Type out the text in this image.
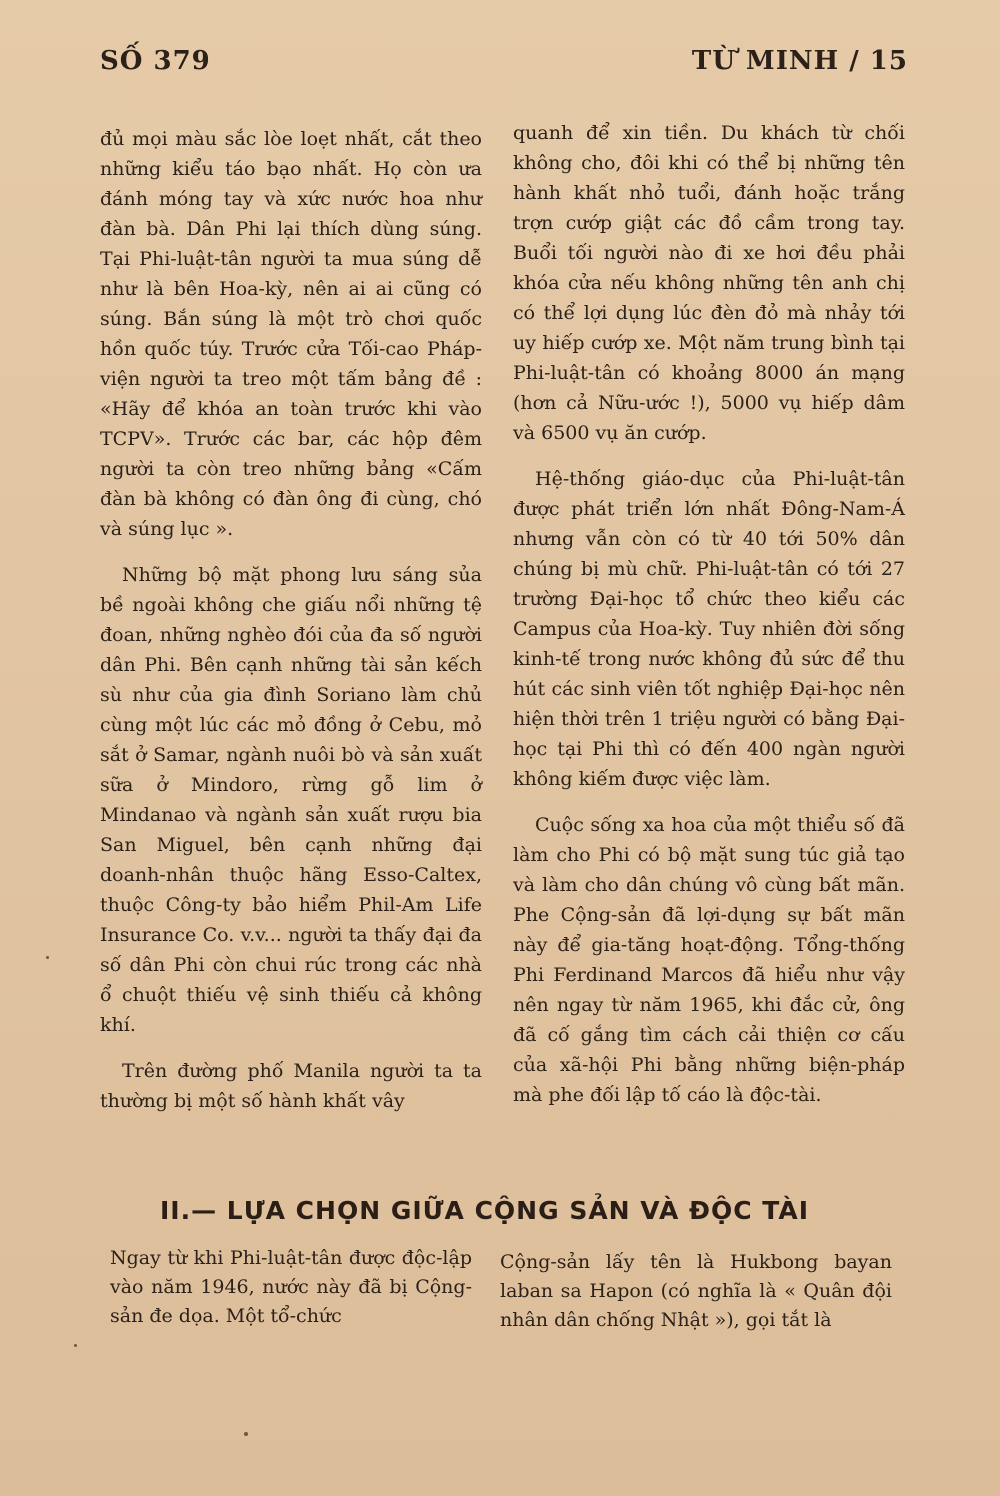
SỐ 379	TỪ MINH / 15

đủ mọi màu sắc lòe loẹt nhất, cắt theo những kiểu táo bạo nhất. Họ còn ưa đánh móng tay và xức nước hoa như đàn bà. Dân Phi lại thích dùng súng. Tại Phi-luật-tân người ta mua súng dễ như là bên Hoa-kỳ, nên ai ai cũng có súng. Bắn súng là một trò chơi quốc hồn quốc túy. Trước cửa Tối-cao Pháp-viện người ta treo một tấm bảng đề : «Hãy để khóa an toàn trước khi vào TCPV». Trước các bar, các hộp đêm người ta còn treo những bảng «Cấm đàn bà không có đàn ông đi cùng, chó và súng lục ».

Những bộ mặt phong lưu sáng sủa bề ngoài không che giấu nổi những tệ đoan, những nghèo đói của đa số người dân Phi. Bên cạnh những tài sản kếch sù như của gia đình Soriano làm chủ cùng một lúc các mỏ đồng ở Cebu, mỏ sắt ở Samar, ngành nuôi bò và sản xuất sữa ở Mindoro, rừng gỗ lim ở Mindanao và ngành sản xuất rượu bia San Miguel, bên cạnh những đại doanh-nhân thuộc hãng Esso-Caltex, thuộc Công-ty bảo hiểm Phil-Am Life Insurance Co. v.v... người ta thấy đại đa số dân Phi còn chui rúc trong các nhà ổ chuột thiếu vệ sinh thiếu cả không khí.

Trên đường phố Manila người ta ta thường bị một số hành khất vây

quanh để xin tiền. Du khách từ chối không cho, đôi khi có thể bị những tên hành khất nhỏ tuổi, đánh hoặc trắng trợn cướp giật các đồ cầm trong tay. Buổi tối người nào đi xe hơi đều phải khóa cửa nếu không những tên anh chị có thể lợi dụng lúc đèn đỏ mà nhảy tới uy hiếp cướp xe. Một năm trung bình tại Phi-luật-tân có khoảng 8000 án mạng (hơn cả Nữu-ước !), 5000 vụ hiếp dâm và 6500 vụ ăn cướp.

Hệ-thống giáo-dục của Phi-luật-tân được phát triển lớn nhất Đông-Nam-Á nhưng vẫn còn có từ 40 tới 50% dân chúng bị mù chữ. Phi-luật-tân có tới 27 trường Đại-học tổ chức theo kiểu các Campus của Hoa-kỳ. Tuy nhiên đời sống kinh-tế trong nước không đủ sức để thu hút các sinh viên tốt nghiệp Đại-học nên hiện thời trên 1 triệu người có bằng Đại-học tại Phi thì có đến 400 ngàn người không kiếm được việc làm.

Cuộc sống xa hoa của một thiểu số đã làm cho Phi có bộ mặt sung túc giả tạo và làm cho dân chúng vô cùng bất mãn. Phe Cộng-sản đã lợi-dụng sự bất mãn này để gia-tăng hoạt-động. Tổng-thống Phi Ferdinand Marcos đã hiểu như vậy nên ngay từ năm 1965, khi đắc cử, ông đã cố gắng tìm cách cải thiện cơ cấu của xã-hội Phi bằng những biện-pháp mà phe đối lập tố cáo là độc-tài.

II.— LỰA CHỌN GIỮA CỘNG SẢN VÀ ĐỘC TÀI

Ngay từ khi Phi-luật-tân được độc-lập vào năm 1946, nước này đã bị Cộng-sản đe dọa. Một tổ-chức

Cộng-sản lấy tên là Hukbong bayan laban sa Hapon (có nghĩa là « Quân đội nhân dân chống Nhật »), gọi tắt là
